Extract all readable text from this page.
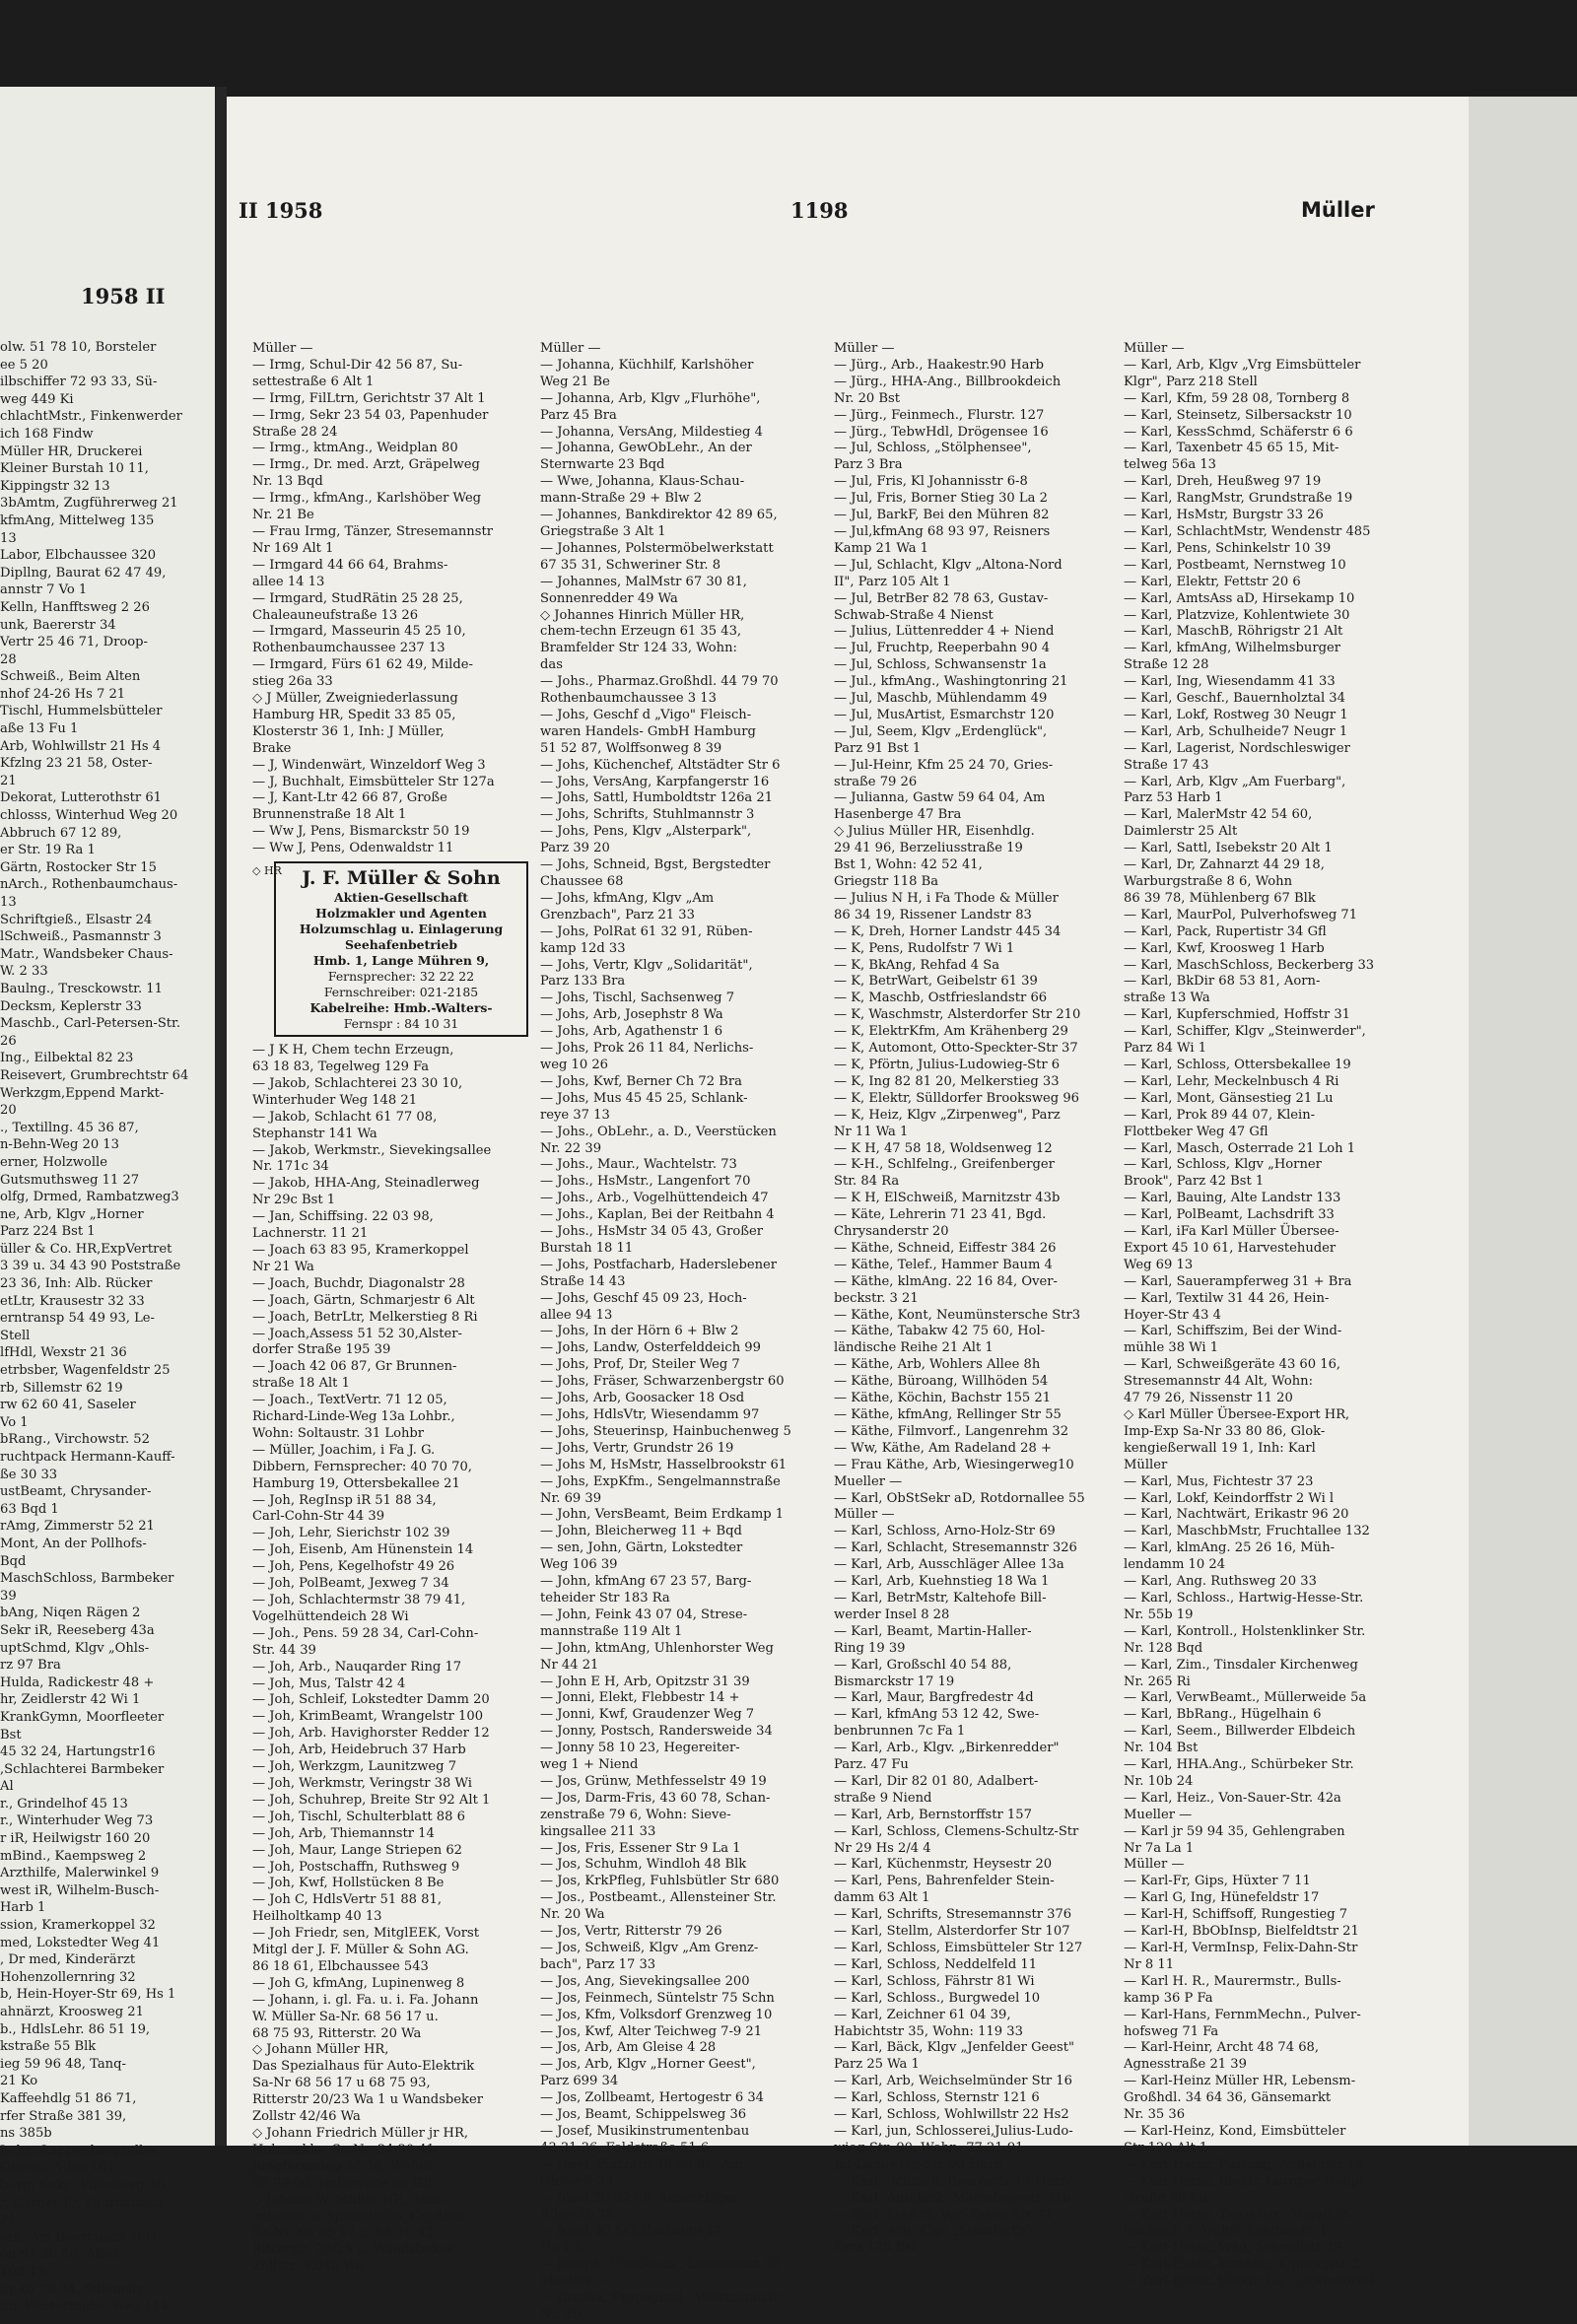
1958 II
olw. 51 78 10, Borsteler
ee 5 20
ilbschiffer 72 93 33, Sü-
weg 449 Ki
chlachtMstr., Finkenwerder
ich 168 Findw
Müller HR, Druckerei
Kleiner Burstah 10 11,
Kippingstr 32 13
3bAmtm, Zugführerweg 21
kfmAng, Mittelweg 135
13
Labor, Elbchaussee 320
Dipllng, Baurat 62 47 49,
annstr 7 Vo 1
Kelln, Hanfftsweg 2 26
unk, Baererstr 34
Vertr 25 46 71, Droop-
28
Schweiß., Beim Alten
nhof 24-26 Hs 7 21
Tischl, Hummelsbütteler
aße 13 Fu 1
Arb, Wohlwillstr 21 Hs 4
Kfzlng 23 21 58, Oster-
21
Dekorat, Lutterothstr 61
chlosss, Winterhud Weg 20
Abbruch 67 12 89,
er Str. 19 Ra 1
Gärtn, Rostocker Str 15
nArch., Rothenbaumchaus-
13
Schriftgieß., Elsastr 24
lSchweiß., Pasmannstr 3
Matr., Wandsbeker Chaus-
W. 2 33
Baulng., Tresckowstr. 11
Decksm, Keplerstr 33
Maschb., Carl-Petersen-Str.
26
Ing., Eilbektal 82 23
Reisevert, Grumbrechtstr 64
Werkzgm,Eppend Markt-
20
., Textillng. 45 36 87,
n-Behn-Weg 20 13
erner, Holzwolle
Gutsmuthsweg 11 27
olfg, Drmed, Rambatzweg3
ne, Arb, Klgv „Horner
Parz 224 Bst 1
üller & Co. HR,ExpVertret
3 39 u. 34 43 90 Poststraße
23 36, Inh: Alb. Rücker
etLtr, Krausestr 32 33
erntransp 54 49 93, Le-
Stell
lfHdl, Wexstr 21 36
etrbsber, Wagenfeldstr 25
rb, Sillemstr 62 19
rw 62 60 41, Saseler
Vo 1
bRang., Virchowstr. 52
ruchtpack Hermann-Kauff-
ße 30 33
ustBeamt, Chrysander-
63 Bqd 1
rAmg, Zimmerstr 52 21
Mont, An der Pollhofs-
Bqd
MaschSchloss, Barmbeker
39
bAng, Niqen Rägen 2
Sekr iR, Reeseberg 43a
uptSchmd, Klgv „Ohls-
rz 97 Bra
Hulda, Radickestr 48 +
hr, Zeidlerstr 42 Wi 1
KrankGymn, Moorfleeter
Bst
45 32 24, Hartungstr16
,Schlachterei Barmbeker
Al
r., Grindelhof 45 13
r., Winterhuder Weg 73
r iR, Heilwigstr 160 20
mBind., Kaempsweg 2
Arzthilfe, Malerwinkel 9
west iR, Wilhelm-Busch-
Harb 1
ssion, Kramerkoppel 32
med, Lokstedter Weg 41
, Dr med, Kinderärzt
Hohenzollernring 32
b, Hein-Hoyer-Str 69, Hs 1
ahnärzt, Kroosweg 21
b., HdlsLehr. 86 51 19,
kstraße 55 Blk
ieg 59 96 48, Tanq-
21 Ko
Kaffeehdlg 51 86 71,
rfer Straße 381 39,
ns 385b
Lehr., Lappenbergsallee
Oberin, Allee 161
burg, Sekr., Fiersbarg 46
r, Garder Fr, Fahrhausstr
21
erk, Am Beerbusch 46Ht
on 61 36 46, Alter
103 43
ur 40 78 34, Sillemstr
hb, Winterhuder Weg 114
II 1958	1198	Müller
Müller —
— Irmg, Schul-Dir 42 56 87, Su-
settestraße 6 Alt 1
— Irmg, FilLtrn, Gerichtstr 37 Alt 1
— Irmg, Sekr 23 54 03, Papenhuder
Straße 28 24
— Irmg., ktmAng., Weidplan 80
— Irmg., Dr. med. Arzt, Gräpelweg
Nr. 13 Bqd
— Irmg., kfmAng., Karlshöber Weg
Nr. 21 Be
— Frau Irmg, Tänzer, Stresemannstr
Nr 169 Alt 1
— Irmgard 44 66 64, Brahms-
allee 14 13
— Irmgard, StudRätin 25 28 25,
Chaleauneufstraße 13 26
— Irmgard, Masseurin 45 25 10,
Rothenbaumchaussee 237 13
— Irmgard, Fürs 61 62 49, Milde-
stieg 26a 33
◇ J Müller, Zweigniederlassung
Hamburg HR, Spedit 33 85 05,
Klosterstr 36 1, Inh: J Müller,
Brake
— J, Windenwärt, Winzeldorf Weg 3
— J, Buchhalt, Eimsbütteler Str 127a
— J, Kant-Ltr 42 66 87, Große
Brunnenstraße 18 Alt 1
— Ww J, Pens, Bismarckstr 50 19
— Ww J, Pens, Odenwaldstr 11
◇ HR	J. F. Müller & Sohn
Aktien-Gesellschaft
Holzmakler und Agenten
Holzumschlag u. Einlagerung
Seehafenbetrieb
Hmb. 1, Lange Mühren 9,
Fernsprecher: 32 22 22
Fernschreiber: 021-2185
Kabelreihe: Hmb.-Walters-
Fernspr : 84 10 31
— J K H, Chem techn Erzeugn,
63 18 83, Tegelweg 129 Fa
— Jakob, Schlachterei 23 30 10,
Winterhuder Weg 148 21
— Jakob, Schlacht 61 77 08,
Stephanstr 141 Wa
— Jakob, Werkmstr., Sievekingsallee
Nr. 171c 34
— Jakob, HHA-Ang, Steinadlerweg
Nr 29c Bst 1
— Jan, Schiffsing. 22 03 98,
Lachnerstr. 11 21
— Joach 63 83 95, Kramerkoppel
Nr 21 Wa
— Joach, Buchdr, Diagonalstr 28
— Joach, Gärtn, Schmarjestr 6 Alt
— Joach, BetrLtr, Melkerstieg 8 Ri
— Joach,Assess 51 52 30,Alster-
dorfer Straße 195 39
— Joach 42 06 87, Gr Brunnen-
straße 18 Alt 1
— Joach., TextVertr. 71 12 05,
Richard-Linde-Weg 13a Lohbr.,
Wohn: Soltaustr. 31 Lohbr
— Müller, Joachim, i Fa J. G.
Dibbern, Fernsprecher: 40 70 70,
Hamburg 19, Ottersbekallee 21
— Joh, RegInsp iR 51 88 34,
Carl-Cohn-Str 44 39
— Joh, Lehr, Sierichstr 102 39
— Joh, Eisenb, Am Hünenstein 14
— Joh, Pens, Kegelhofstr 49 26
— Joh, PolBeamt, Jexweg 7 34
— Joh, Schlachtermstr 38 79 41,
Vogelhüttendeich 28 Wi
— Joh., Pens. 59 28 34, Carl-Cohn-
Str. 44 39
— Joh, Arb., Nauqarder Ring 17
— Joh, Mus, Talstr 42 4
— Joh, Schleif, Lokstedter Damm 20
— Joh, KrimBeamt, Wrangelstr 100
— Joh, Arb. Havighorster Redder 12
— Joh, Arb, Heidebruch 37 Harb
— Joh, Werkzgm, Launitzweg 7
— Joh, Werkmstr, Veringstr 38 Wi
— Joh, Schuhrep, Breite Str 92 Alt 1
— Joh, Tischl, Schulterblatt 88 6
— Joh, Arb, Thiemannstr 14
— Joh, Maur, Lange Striepen 62
— Joh, Postschaffn, Ruthsweg 9
— Joh, Kwf, Hollstücken 8 Be
— Joh C, HdlsVertr 51 88 81,
Heilholtkamp 40 13
— Joh Friedr, sen, MitglEEK, Vorst
Mitgl der J. F. Müller & Sohn AG.
86 18 61, Elbchaussee 543
— Joh G, kfmAng, Lupinenweg 8
— Johann, i. gl. Fa. u. i. Fa. Johann
W. Müller Sa-Nr. 68 56 17 u.
68 75 93, Ritterstr. 20 Wa
◇ Johann Müller HR,
Das Spezialhaus für Auto-Elektrik
Sa-Nr 68 56 17 u 68 75 93,
Ritterstr 20/23 Wa 1 u Wandsbeker
Zollstr 42/46 Wa
◇ Johann Friedrich Müller jr HR,
Holzmakler Sa-Nr. 34 30 41,
Jungfernstieg 38 36, Wohn:
82 99 60, Holztwiete 6a Gfl
◇ Johann W. Müller HR, Auto-
zubehör u. Spezialteile, Großhdl.
Sa-Nr. 68 56 17 u. 68 75 93,
Ritterstr. 20/23 u. Wandsbeker
Zollstr. 42/46 Wa
Müller —
— Johanna, Küchhilf, Karlshöher
Weg 21 Be
— Johanna, Arb, Klgv „Flurhöhe",
Parz 45 Bra
— Johanna, VersAng, Mildestieg 4
— Johanna, GewObLehr., An der
Sternwarte 23 Bqd
— Wwe, Johanna, Klaus-Schau-
mann-Straße 29 + Blw 2
— Johannes, Bankdirektor 42 89 65,
Griegstraße 3 Alt 1
— Johannes, Polstermöbelwerkstatt
67 35 31, Schweriner Str. 8
— Johannes, MalMstr 67 30 81,
Sonnenredder 49 Wa
◇ Johannes Hinrich Müller HR,
chem-techn Erzeugn 61 35 43,
Bramfelder Str 124 33, Wohn:
das
— Johs., Pharmaz.Großhdl. 44 79 70
Rothenbaumchaussee 3 13
— Johs, Geschf d „Vigo" Fleisch-
waren Handels- GmbH Hamburg
51 52 87, Wolffsonweg 8 39
— Johs, Küchenchef, Altstädter Str 6
— Johs, VersAng, Karpfangerstr 16
— Johs, Sattl, Humboldtstr 126a 21
— Johs, Schrifts, Stuhlmannstr 3
— Johs, Pens, Klgv „Alsterpark",
Parz 39 20
— Johs, Schneid, Bgst, Bergstedter
Chaussee 68
— Johs, kfmAng, Klgv „Am
Grenzbach", Parz 21 33
— Johs, PolRat 61 32 91, Rüben-
kamp 12d 33
— Johs, Vertr, Klgv „Solidarität",
Parz 133 Bra
— Johs, Tischl, Sachsenweg 7
— Johs, Arb, Josephstr 8 Wa
— Johs, Arb, Agathenstr 1 6
— Johs, Prok 26 11 84, Nerlichs-
weg 10 26
— Johs, Kwf, Berner Ch 72 Bra
— Johs, Mus 45 45 25, Schlank-
reye 37 13
— Johs., ObLehr., a. D., Veerstücken
Nr. 22 39
— Johs., Maur., Wachtelstr. 73
— Johs., HsMstr., Langenfort 70
— Johs., Arb., Vogelhüttendeich 47
— Johs., Kaplan, Bei der Reitbahn 4
— Johs., HsMstr 34 05 43, Großer
Burstah 18 11
— Johs, Postfacharb, Haderslebener
Straße 14 43
— Johs, Geschf 45 09 23, Hoch-
allee 94 13
— Johs, In der Hörn 6 + Blw 2
— Johs, Landw, Osterfelddeich 99
— Johs, Prof, Dr, Steiler Weg 7
— Johs, Fräser, Schwarzenbergstr 60
— Johs, Arb, Goosacker 18 Osd
— Johs, HdlsVtr, Wiesendamm 97
— Johs, Steuerinsp, Hainbuchenweg 5
— Johs, Vertr, Grundstr 26 19
— Johs M, HsMstr, Hasselbrookstr 61
— Johs, ExpKfm., Sengelmannstraße
Nr. 69 39
— John, VersBeamt, Beim Erdkamp 1
— John, Bleicherweg 11 + Bqd
— sen, John, Gärtn, Lokstedter
Weg 106 39
— John, kfmAng 67 23 57, Barg-
teheider Str 183 Ra
— John, Feink 43 07 04, Strese-
mannstraße 119 Alt 1
— John, ktmAng, Uhlenhorster Weg
Nr 44 21
— John E H, Arb, Opitzstr 31 39
— Jonni, Elekt, Flebbestr 14 +
— Jonni, Kwf, Graudenzer Weg 7
— Jonny, Postsch, Randersweide 34
— Jonny 58 10 23, Hegereiter-
weg 1 + Niend
— Jos, Grünw, Methfesselstr 49 19
— Jos, Darm-Fris, 43 60 78, Schan-
zenstraße 79 6, Wohn: Sieve-
kingsallee 211 33
— Jos, Fris, Essener Str 9 La 1
— Jos, Schuhm, Windloh 48 Blk
— Jos, KrkPfleg, Fuhlsbütler Str 680
— Jos., Postbeamt., Allensteiner Str.
Nr. 20 Wa
— Jos, Vertr, Ritterstr 79 26
— Jos, Schweiß, Klgv „Am Grenz-
bach", Parz 17 33
— Jos, Ang, Sievekingsallee 200
— Jos, Feinmech, Süntelstr 75 Schn
— Jos, Kfm, Volksdorf Grenzweg 10
— Jos, Kwf, Alter Teichweg 7-9 21
— Jos, Arb, Am Gleise 4 28
— Jos, Arb, Klgv „Horner Geest",
Parz 699 34
— Jos, Zollbeamt, Hertogestr 6 34
— Jos, Beamt, Schippelsweg 36
— Josef, Musikinstrumentenbau
43 31 36, Feldstraße 51 6
— Josef, Platzarb 38 68 81, Am
Gleise 4 28
— Josef 38 02 60, Ausschläger
Allee 9b 28
— Josef, Kl Schäferkamp 34,
Hs 1 6
— Joseph, FrisGesch., Langenfort 52
Mueller —
— Juanita, Propagand., Woltmannstr.
Nr. 20 1
Müller —
— Jürg., Arb., Haakestr.90 Harb
— Jürg., HHA-Ang., Billbrookdeich
Nr. 20 Bst
— Jürg., Feinmech., Flurstr. 127
— Jürg., TebwHdl, Drögensee 16
— Jul, Schloss, „Stölphensee",
Parz 3 Bra
— Jul, Fris, Kl Johannisstr 6-8
— Jul, Fris, Borner Stieg 30 La 2
— Jul, BarkF, Bei den Mühren 82
— Jul,kfmAng 68 93 97, Reisners
Kamp 21 Wa 1
— Jul, Schlacht, Klgv „Altona-Nord
II", Parz 105 Alt 1
— Jul, BetrBer 82 78 63, Gustav-
Schwab-Straße 4 Nienst
— Julius, Lüttenredder 4 + Niend
— Jul, Fruchtp, Reeperbahn 90 4
— Jul, Schloss, Schwansenstr 1a
— Jul., kfmAng., Washingtonring 21
— Jul, Maschb, Mühlendamm 49
— Jul, MusArtist, Esmarchstr 120
— Jul, Seem, Klgv „Erdenglück",
Parz 91 Bst 1
— Jul-Heinr, Kfm 25 24 70, Gries-
straße 79 26
— Julianna, Gastw 59 64 04, Am
Hasenberge 47 Bra
◇ Julius Müller HR, Eisenhdlg.
29 41 96, Berzeliusstraße 19
Bst 1, Wohn: 42 52 41,
Griegstr 118 Ba
— Julius N H, i Fa Thode & Müller
86 34 19, Rissener Landstr 83
— K, Dreh, Horner Landstr 445 34
— K, Pens, Rudolfstr 7 Wi 1
— K, BkAng, Rehfad 4 Sa
— K, BetrWart, Geibelstr 61 39
— K, Maschb, Ostfrieslandstr 66
— K, Waschmstr, Alsterdorfer Str 210
— K, ElektrKfm, Am Krähenberg 29
— K, Automont, Otto-Speckter-Str 37
— K, Pförtn, Julius-Ludowieg-Str 6
— K, Ing 82 81 20, Melkerstieg 33
— K, Elektr, Sülldorfer Brooksweg 96
— K, Heiz, Klgv „Zirpenweg", Parz
Nr 11 Wa 1
— K H, 47 58 18, Woldsenweg 12
— K-H., Schlfelng., Greifenberger
Str. 84 Ra
— K H, ElSchweiß, Marnitzstr 43b
— Käte, Lehrerin 71 23 41, Bgd.
Chrysanderstr 20
— Käthe, Schneid, Eiffestr 384 26
— Käthe, Telef., Hammer Baum 4
— Käthe, klmAng. 22 16 84, Over-
beckstr. 3 21
— Käthe, Kont, Neumünstersche Str3
— Käthe, Tabakw 42 75 60, Hol-
ländische Reihe 21 Alt 1
— Käthe, Arb, Wohlers Allee 8h
— Käthe, Büroang, Willhöden 54
— Käthe, Köchin, Bachstr 155 21
— Käthe, kfmAng, Rellinger Str 55
— Käthe, Filmvorf., Langenrehm 32
— Ww, Käthe, Am Radeland 28 +
— Frau Käthe, Arb, Wiesingerweg10
Mueller —
— Karl, ObStSekr aD, Rotdornallee 55
Müller —
— Karl, Schloss, Arno-Holz-Str 69
— Karl, Schlacht, Stresemannstr 326
— Karl, Arb, Ausschläger Allee 13a
— Karl, Arb, Kuehnstieg 18 Wa 1
— Karl, BetrMstr, Kaltehofe Bill-
werder Insel 8 28
— Karl, Beamt, Martin-Haller-
Ring 19 39
— Karl, Großschl 40 54 88,
Bismarckstr 17 19
— Karl, Maur, Bargfredestr 4d
— Karl, kfmAng 53 12 42, Swe-
benbrunnen 7c Fa 1
— Karl, Arb., Klgv. „Birkenredder"
Parz. 47 Fu
— Karl, Dir 82 01 80, Adalbert-
straße 9 Niend
— Karl, Arb, Bernstorffstr 157
— Karl, Schloss, Clemens-Schultz-Str
Nr 29 Hs 2/4 4
— Karl, Küchenmstr, Heysestr 20
— Karl, Pens, Bahrenfelder Stein-
damm 63 Alt 1
— Karl, Schrifts, Stresemannstr 376
— Karl, Stellm, Alsterdorfer Str 107
— Karl, Schloss, Eimsbütteler Str 127
— Karl, Schloss, Neddelfeld 11
— Karl, Schloss, Fährstr 81 Wi
— Karl, Schloss., Burgwedel 10
— Karl, Zeichner 61 04 39,
Habichtstr 35, Wohn: 119 33
— Karl, Bäck, Klgv „Jenfelder Geest"
Parz 25 Wa 1
— Karl, Arb, Weichselmünder Str 16
— Karl, Schloss, Sternstr 121 6
— Karl, Schloss, Wohlwillstr 22 Hs2
— Karl, jun, Schlosserei,Julius-Ludo-
wieg-Str. 90, Wohn: 77 21 91,
Jul-Ludowieg-Str 90 Harb
— Karl, Schneid, Baererstr 17 Harb
— Karl, Autolack, Marschnerstr 31b
— Karl, StaArb, Von-Essen-Str 71
— Karl, Arb, Klgv „Steinfurth",
Parz 125 Bst
Müller —
— Karl, Arb, Klgv „Vrg Eimsbütteler
Klgr", Parz 218 Stell
— Karl, Kfm, 59 28 08, Tornberg 8
— Karl, Steinsetz, Silbersackstr 10
— Karl, KessSchmd, Schäferstr 6 6
— Karl, Taxenbetr 45 65 15, Mit-
telweg 56a 13
— Karl, Dreh, Heußweg 97 19
— Karl, RangMstr, Grundstraße 19
— Karl, HsMstr, Burgstr 33 26
— Karl, SchlachtMstr, Wendenstr 485
— Karl, Pens, Schinkelstr 10 39
— Karl, Postbeamt, Nernstweg 10
— Karl, Elektr, Fettstr 20 6
— Karl, AmtsAss aD, Hirsekamp 10
— Karl, Platzvize, Kohlentwiete 30
— Karl, MaschB, Röhrigstr 21 Alt
— Karl, kfmAng, Wilhelmsburger
Straße 12 28
— Karl, Ing, Wiesendamm 41 33
— Karl, Geschf., Bauernholztal 34
— Karl, Lokf, Rostweg 30 Neugr 1
— Karl, Arb, Schulheide7 Neugr 1
— Karl, Lagerist, Nordschleswiger
Straße 17 43
— Karl, Arb, Klgv „Am Fuerbarg",
Parz 53 Harb 1
— Karl, MalerMstr 42 54 60,
Daimlerstr 25 Alt
— Karl, Sattl, Isebekstr 20 Alt 1
— Karl, Dr, Zahnarzt 44 29 18,
Warburgstraße 8 6, Wohn
86 39 78, Mühlenberg 67 Blk
— Karl, MaurPol, Pulverhofsweg 71
— Karl, Pack, Rupertistr 34 Gfl
— Karl, Kwf, Kroosweg 1 Harb
— Karl, MaschSchloss, Beckerberg 33
— Karl, BkDir 68 53 81, Aorn-
straße 13 Wa
— Karl, Kupferschmied, Hoffstr 31
— Karl, Schiffer, Klgv „Steinwerder",
Parz 84 Wi 1
— Karl, Schloss, Ottersbekallee 19
— Karl, Lehr, Meckelnbusch 4 Ri
— Karl, Mont, Gänsestieg 21 Lu
— Karl, Prok 89 44 07, Klein-
Flottbeker Weg 47 Gfl
— Karl, Masch, Osterrade 21 Loh 1
— Karl, Schloss, Klgv „Horner
Brook", Parz 42 Bst 1
— Karl, Bauing, Alte Landstr 133
— Karl, PolBeamt, Lachsdrift 33
— Karl, iFa Karl Müller Übersee-
Export 45 10 61, Harvestehuder
Weg 69 13
— Karl, Sauerampferweg 31 + Bra
— Karl, Textilw 31 44 26, Hein-
Hoyer-Str 43 4
— Karl, Schiffszim, Bei der Wind-
mühle 38 Wi 1
— Karl, Schweißgeräte 43 60 16,
Stresemannstr 44 Alt, Wohn:
47 79 26, Nissenstr 11 20
◇ Karl Müller Übersee-Export HR,
Imp-Exp Sa-Nr 33 80 86, Glok-
kengießerwall 19 1, Inh: Karl
Müller
— Karl, Mus, Fichtestr 37 23
— Karl, Lokf, Keindorffstr 2 Wi l
— Karl, Nachtwärt, Erikastr 96 20
— Karl, MaschbMstr, Fruchtallee 132
— Karl, klmAng. 25 26 16, Müh-
lendamm 10 24
— Karl, Ang. Ruthsweg 20 33
— Karl, Schloss., Hartwig-Hesse-Str.
Nr. 55b 19
— Karl, Kontroll., Holstenklinker Str.
Nr. 128 Bqd
— Karl, Zim., Tinsdaler Kirchenweg
Nr. 265 Ri
— Karl, VerwBeamt., Müllerweide 5a
— Karl, BbRang., Hügelhain 6
— Karl, Seem., Billwerder Elbdeich
Nr. 104 Bst
— Karl, HHA.Ang., Schürbeker Str.
Nr. 10b 24
— Karl, Heiz., Von-Sauer-Str. 42a
Mueller —
— Karl jr 59 94 35, Gehlengraben
Nr 7a La 1
Müller —
— Karl-Fr, Gips, Hüxter 7 11
— Karl G, Ing, Hünefeldstr 17
— Karl-H, Schiffsoff, Rungestieg 7
— Karl-H, BbObInsp, Bielfeldtstr 21
— Karl-H, VermInsp, Felix-Dahn-Str
Nr 8 11
— Karl H. R., Maurermstr., Bulls-
kamp 36 P Fa
— Karl-Hans, FernmMechn., Pulver-
hofsweg 71 Fa
— Karl-Heinr, Archt 48 74 68,
Agnesstraße 21 39
— Karl-Heinz Müller HR, Lebensm-
Großhdl. 34 64 36, Gänsemarkt
Nr. 35 36
— Karl-Heinz, Kond, Eimsbütteler
Str 129 Alt 1
— Karl-Heinz, Postang, Angelnstr 14
— Karl-Heinz, Elektr, Luruper Haupt-
straße 89 Lu
— Karl-Heinz, TapzMstr., Vogelhüt-
tendeich 7, Wohn: Sanitasstr. 1
— Karl-Heinz, Wäg, Schnellstr 19
— Karl-Heinz, kfmAng, Kippingstr 2
— Karl-Heinz, Elektr, Lu, Luckmoor69
